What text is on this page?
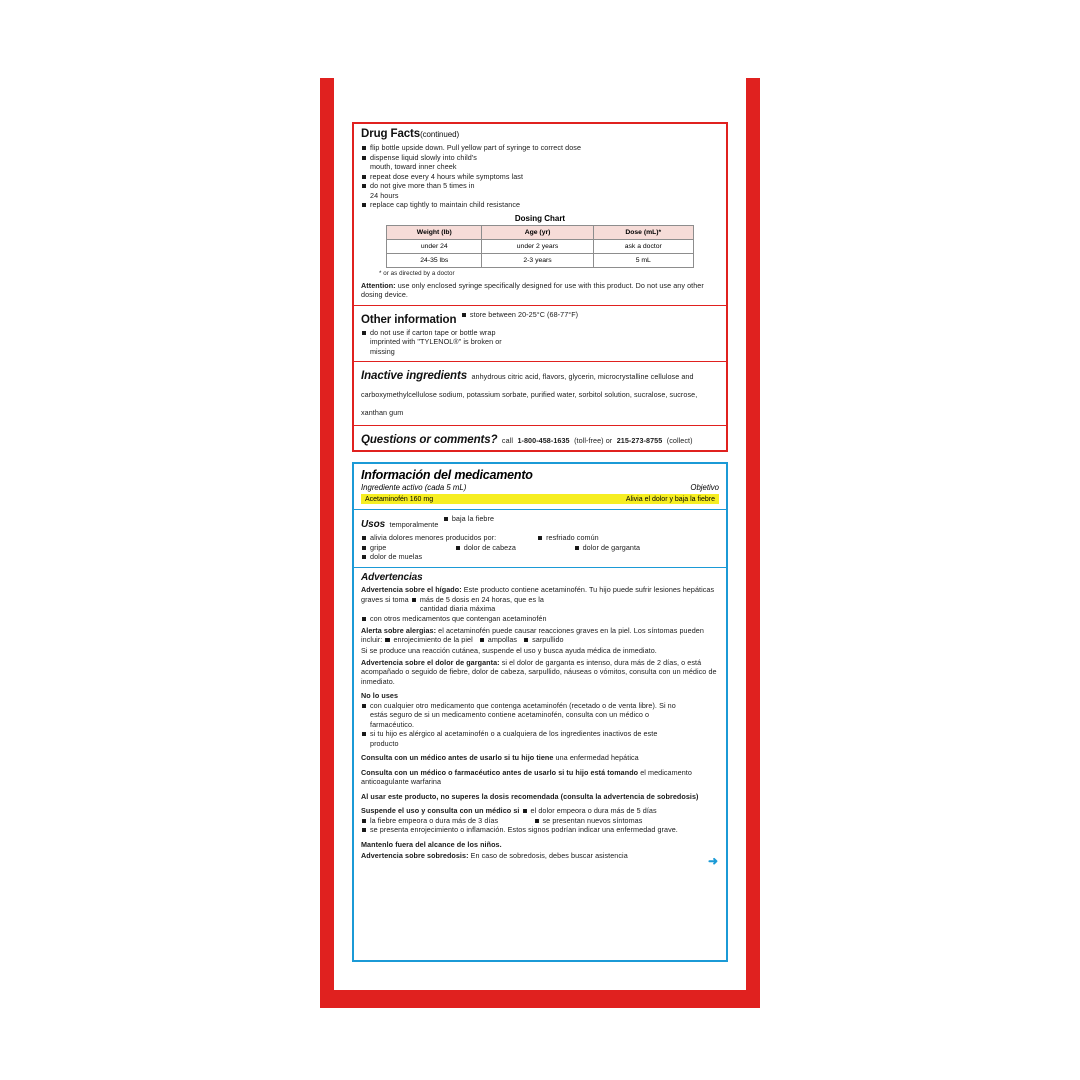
Drug Facts(continued)
flip bottle upside down. Pull yellow part of syringe to correct dosedispense liquid slowly into child's mouth, toward inner cheekrepeat dose every 4 hours while symptoms lastdo not give more than 5 times in 24 hoursreplace cap tightly to maintain child resistance
Dosing Chart
Weight (lb)	Age (yr)	Dose (mL)*
under 24	under 2 years	ask a doctor
24-35 lbs	2-3 years	5 mL
* or as directed by a doctor
Attention: use only enclosed syringe specifically designed for use with this product. Do not use any other dosing device.
Other information store between 20-25°C (68-77°F)do not use if carton tape or bottle wrap imprinted with "TYLENOL®" is broken or missing
Inactive ingredients anhydrous citric acid, flavors, glycerin, microcrystalline cellulose and carboxymethylcellulose sodium, potassium sorbate, purified water, sorbitol solution, sucralose, sucrose, xanthan gum
Questions or comments? call 1-800-458-1635 (toll-free) or 215-273-8755 (collect)
Información del medicamento
Ingrediente activo (cada 5 mL)	Objetivo
Acetaminofén 160 mg	Alivia el dolor y baja la fiebre
Usos temporalmente baja la fiebre
alivia dolores menores producidos por:	resfriado comúngripe	dolor de cabeza	dolor de gargantadolor de muelas
Advertencias
Advertencia sobre el hígado: Este producto contiene acetaminofén. Tu hijo puede sufrir lesiones hepáticas graves si toma más de 5 dosis en 24 horas, que es la cantidad diaria máximacon otros medicamentos que contengan acetaminofén
Alerta sobre alergias: el acetaminofén puede causar reacciones graves en la piel. Los síntomas pueden incluir: enrojecimiento de la piel ampollas sarpullido
Si se produce una reacción cutánea, suspende el uso y busca ayuda médica de inmediato.
Advertencia sobre el dolor de garganta: si el dolor de garganta es intenso, dura más de 2 días, o está acompañado o seguido de fiebre, dolor de cabeza, sarpullido, náuseas o vómitos, consulta con un médico de inmediato.
No lo uses con cualquier otro medicamento que contenga acetaminofén (recetado o de venta libre). Si no estás seguro de si un medicamento contiene acetaminofén, consulta con un médico o farmacéutico.si tu hijo es alérgico al acetaminofén o a cualquiera de los ingredientes inactivos de este producto
Consulta con un médico antes de usarlo si tu hijo tiene una enfermedad hepática
Consulta con un médico o farmacéutico antes de usarlo si tu hijo está tomando el medicamento anticoagulante warfarina
Al usar este producto, no superes la dosis recomendada (consulta la advertencia de sobredosis)
Suspende el uso y consulta con un médico si el dolor empeora o dura más de 5 díasla fiebre empeora o dura más de 3 días	se presentan nuevos síntomasse presenta enrojecimiento o inflamación. Estos signos podrían indicar una enfermedad grave.
Mantenlo fuera del alcance de los niños.
Advertencia sobre sobredosis: En caso de sobredosis, debes buscar asistencia	➜
